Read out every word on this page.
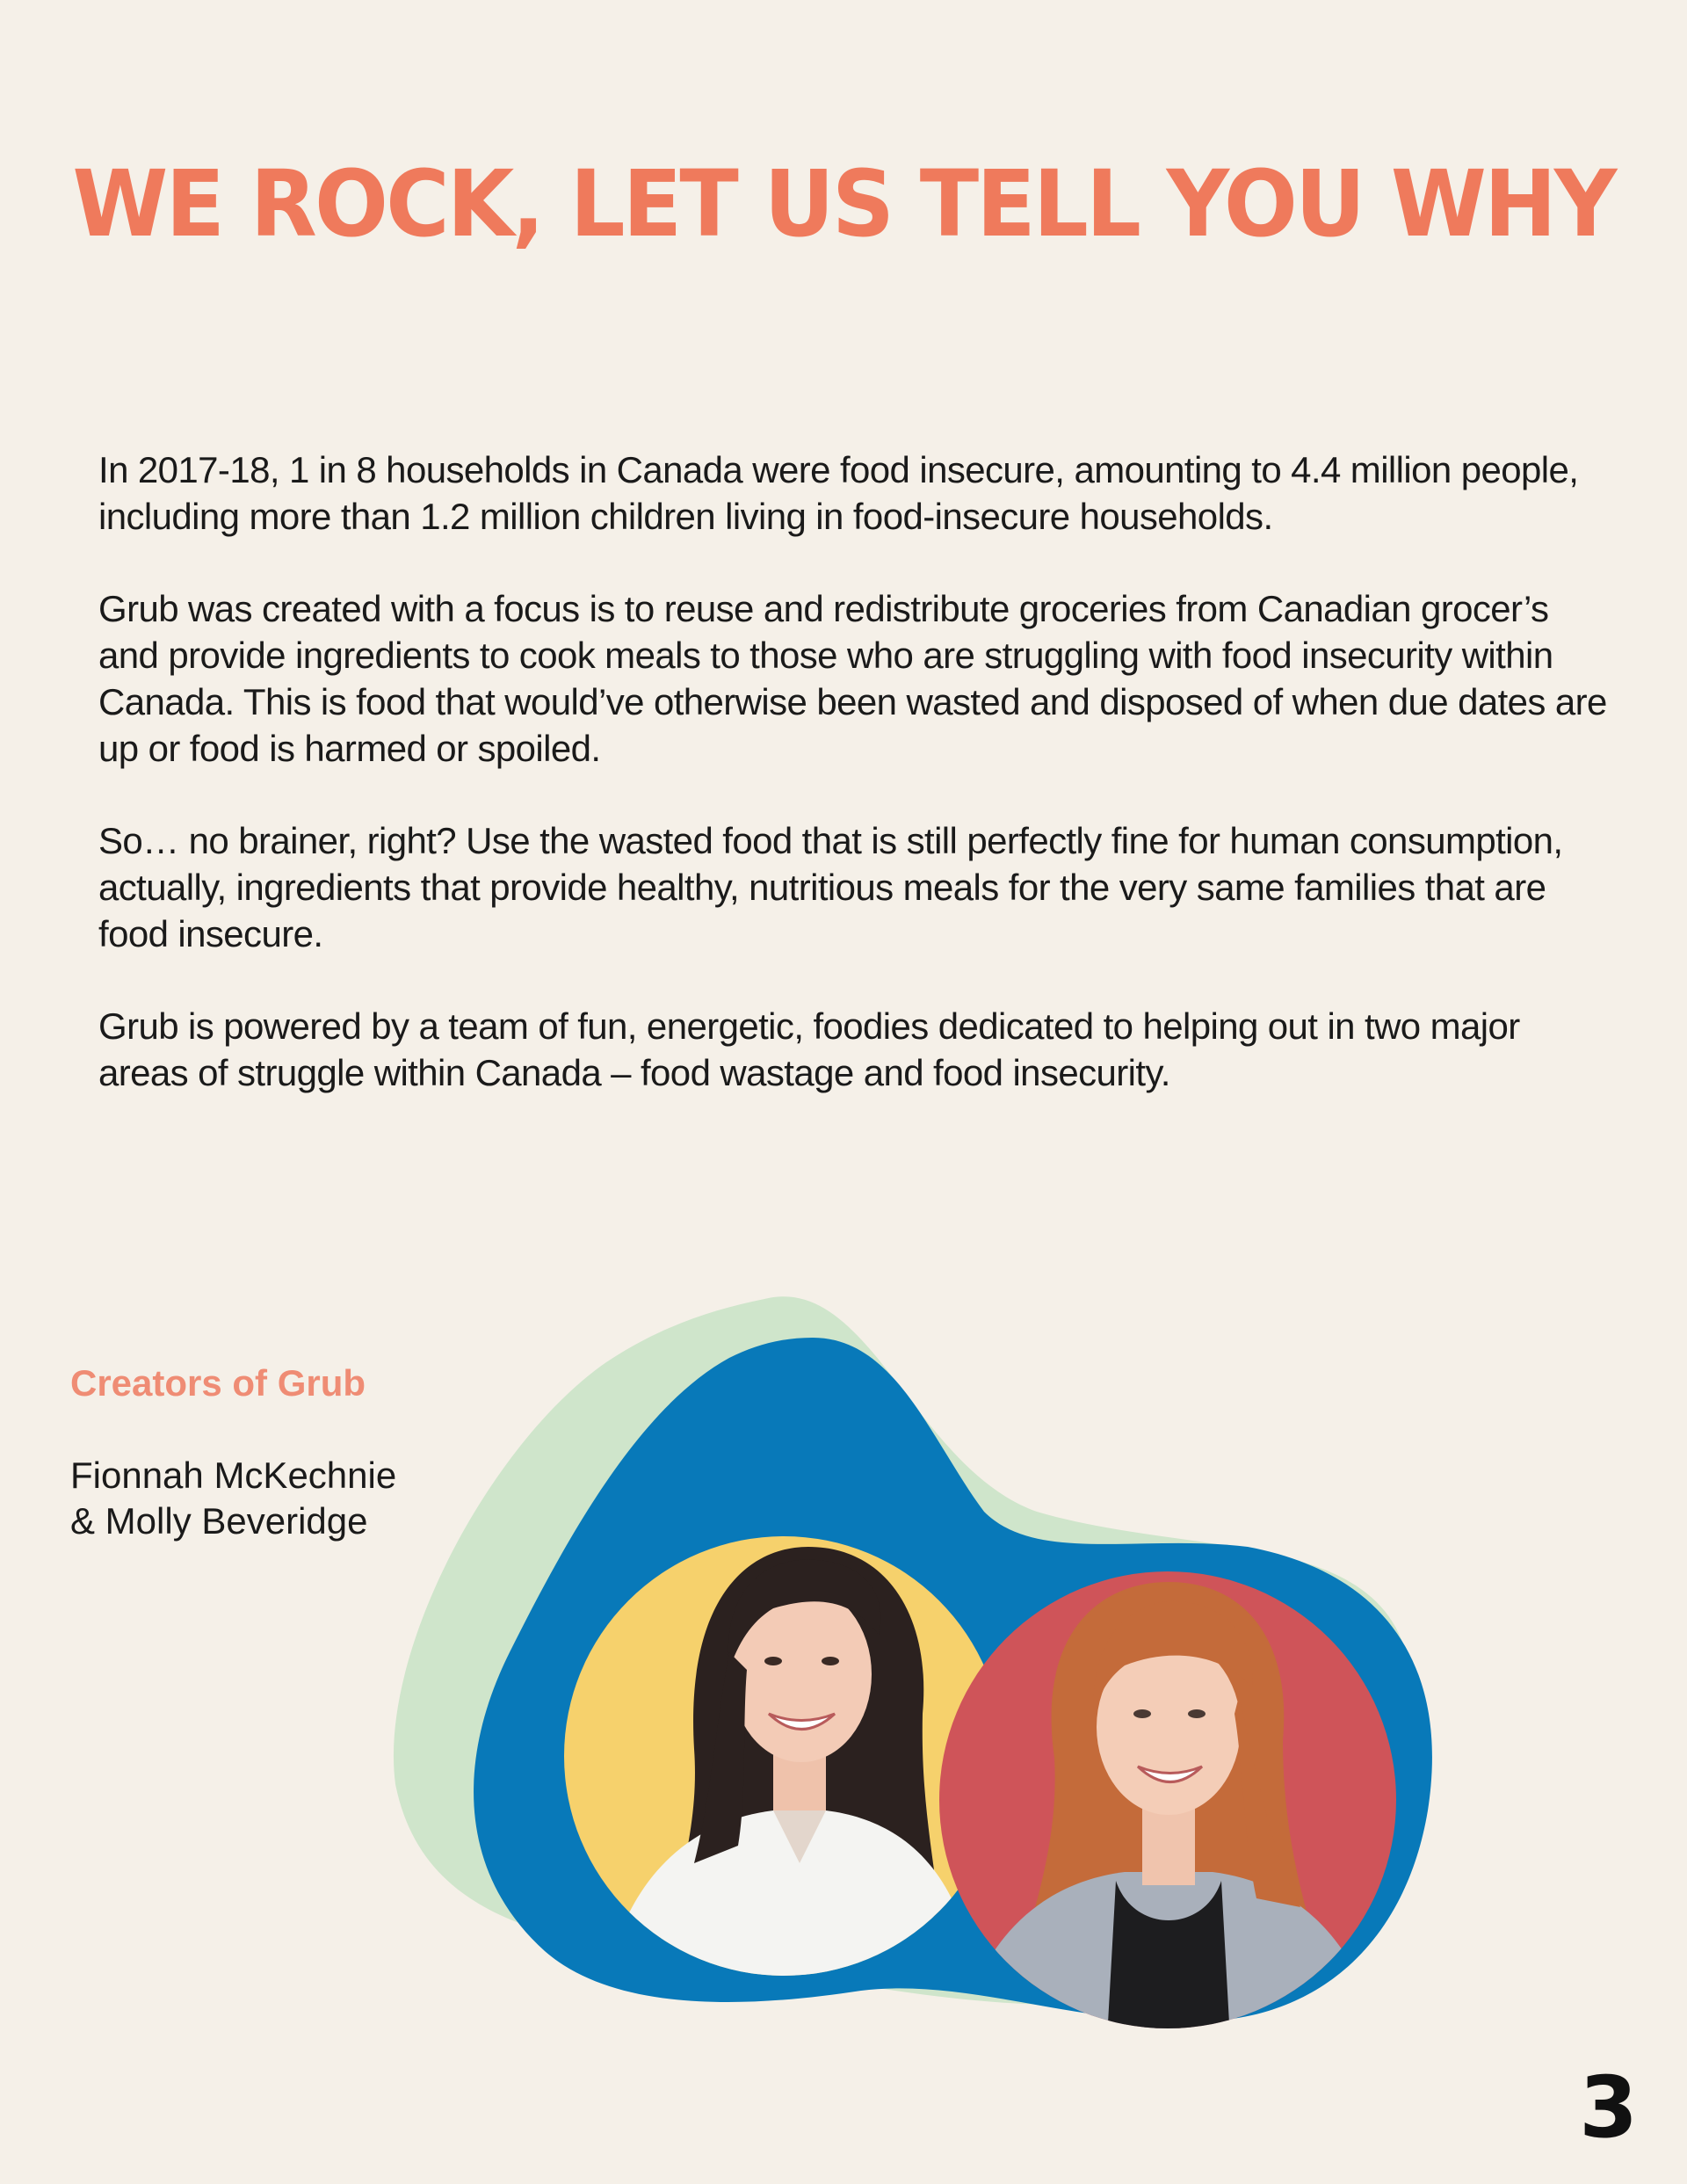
WE ROCK, LET US TELL YOU WHY

In 2017-18, 1 in 8 households in Canada were food insecure, amounting to 4.4 million people, including more than 1.2 million children living in food-insecure households.

Grub was created with a focus is to reuse and redistribute groceries from Canadian grocer’s and provide ingredients to cook meals to those who are struggling with food insecurity within Canada. This is food that would’ve otherwise been wasted and disposed of when due dates are up or food is harmed or spoiled.

So… no brainer, right? Use the wasted food that is still perfectly fine for human consumption, actually, ingredients that provide healthy, nutritious meals for the very same families that are food insecure.

Grub is powered by a team of fun, energetic, foodies dedicated to helping out in two major areas of struggle within Canada – food wastage and food insecurity.

Creators of Grub

Fionnah McKechnie
& Molly Beveridge

3
